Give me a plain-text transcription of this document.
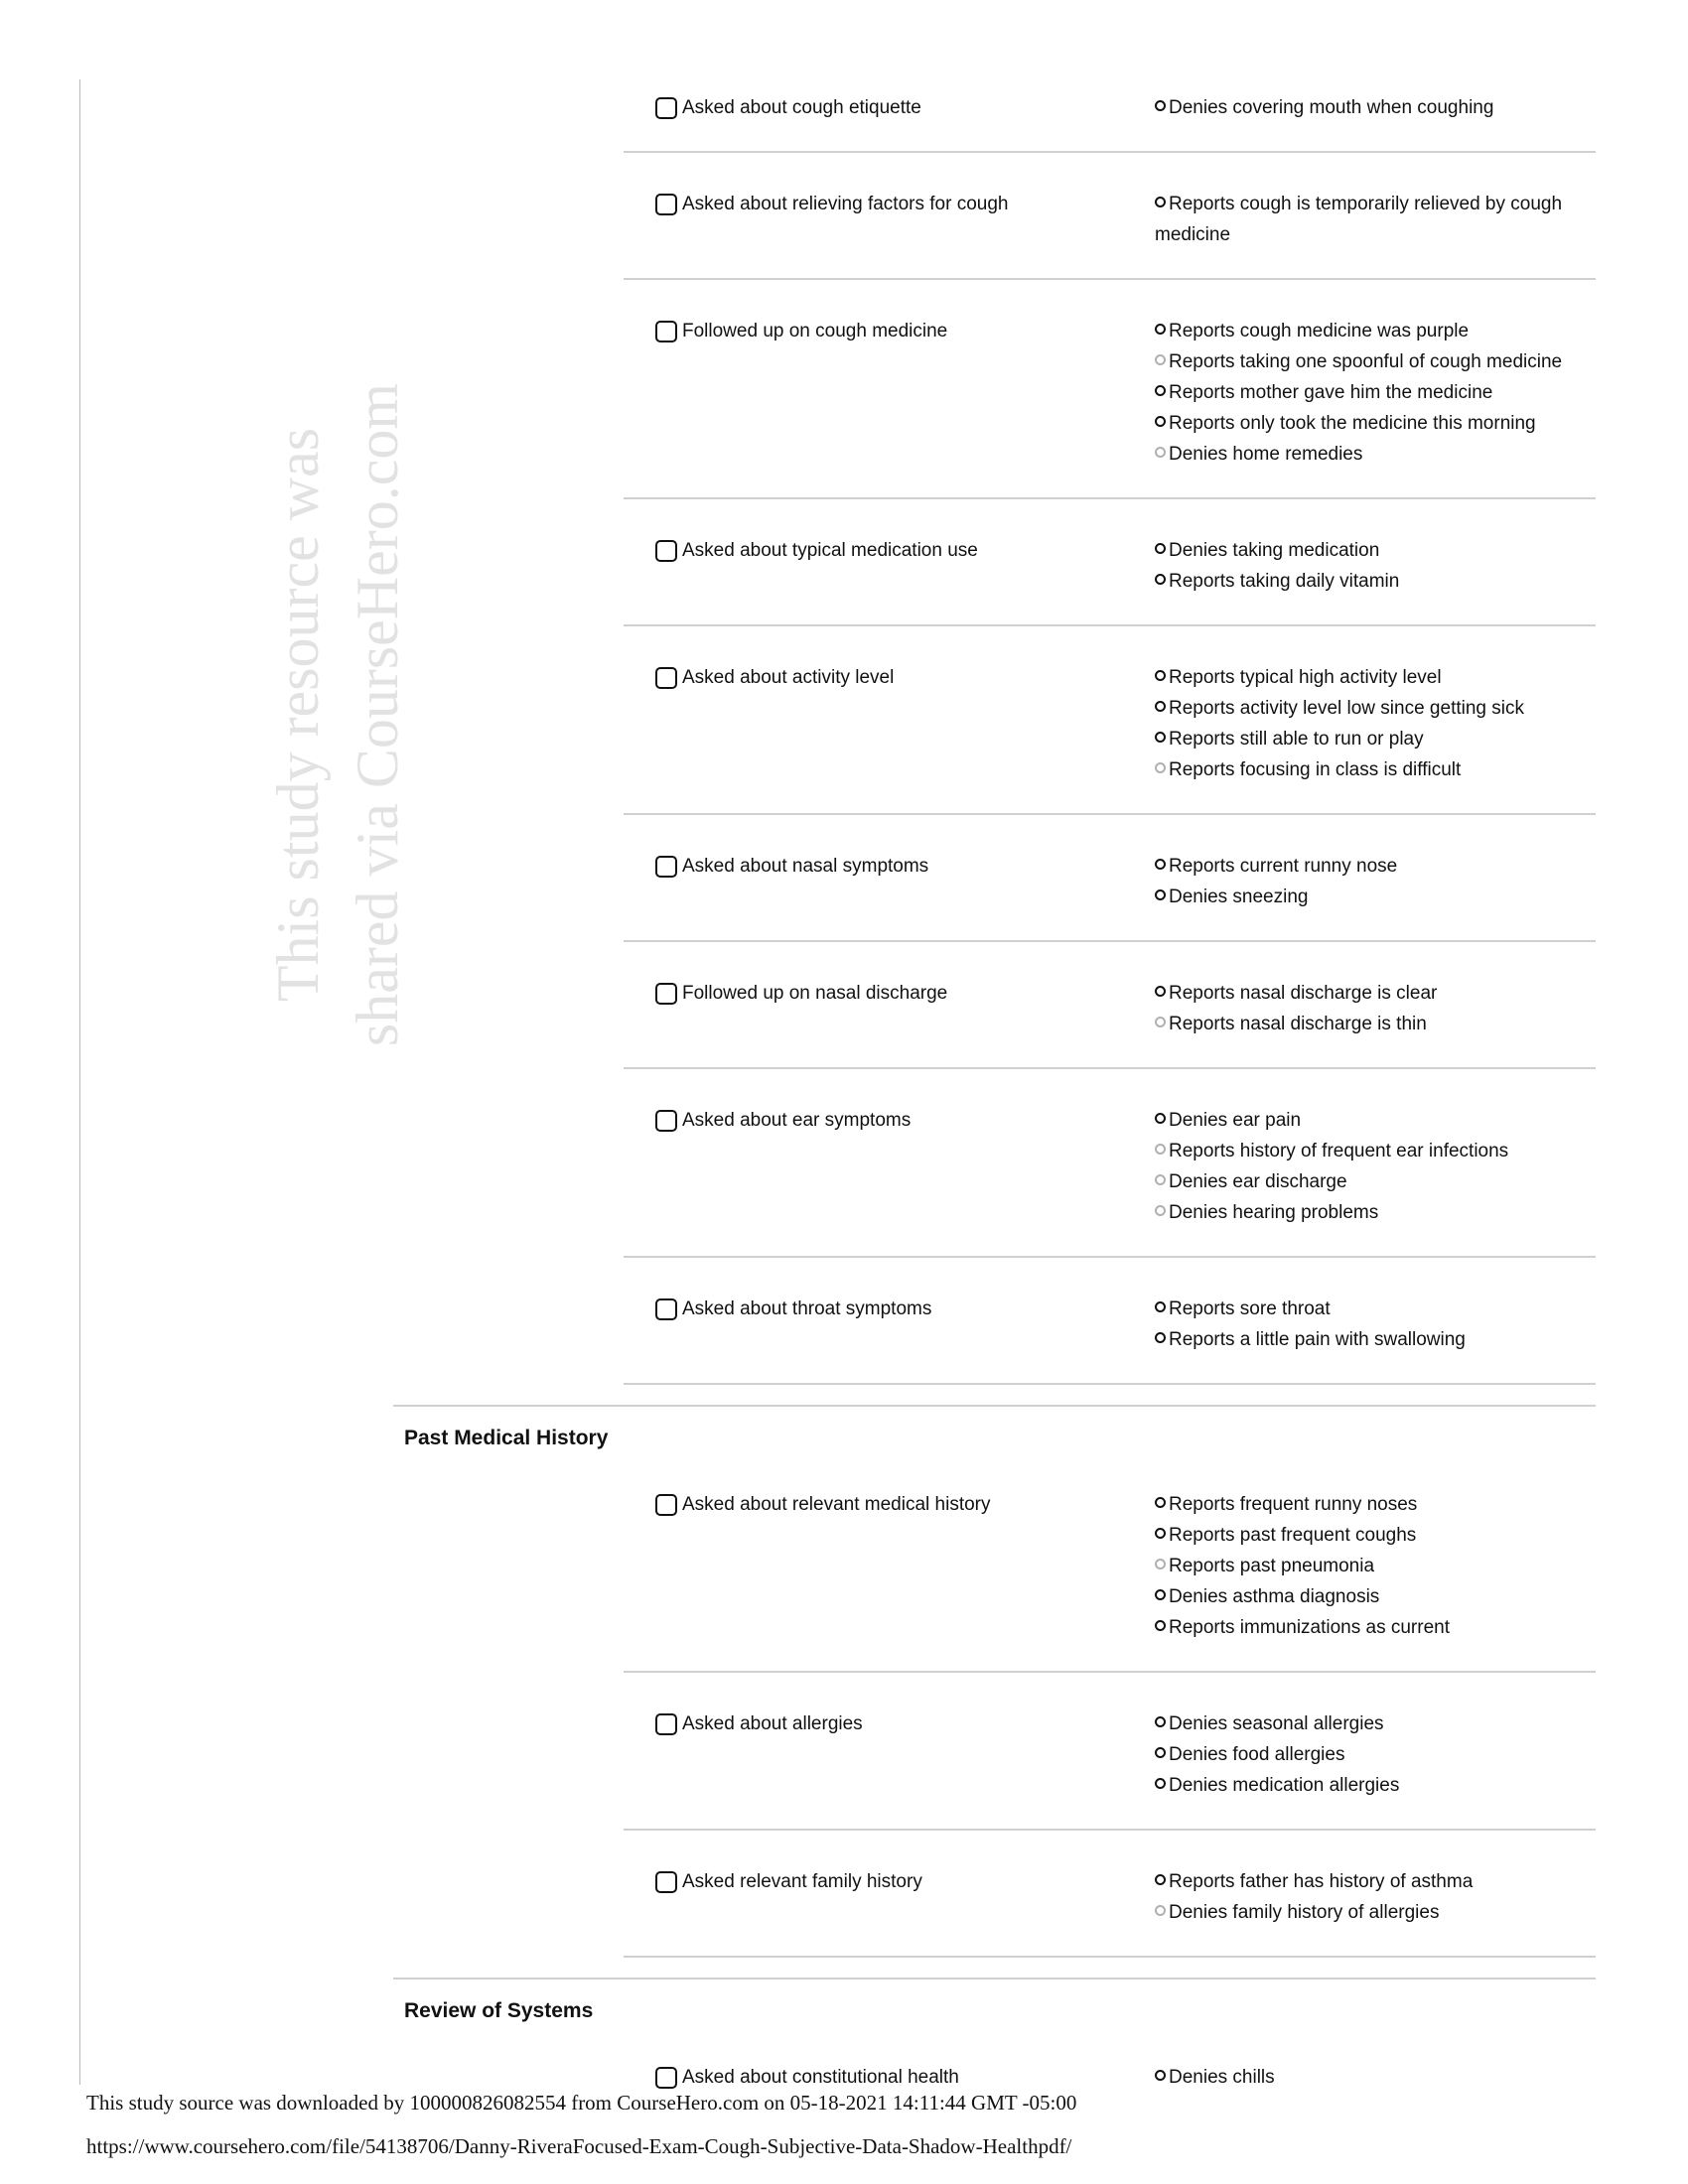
This study resource was shared via CourseHero.com
Asked about cough etiquette	Denies covering mouth when coughing
Asked about relieving factors for cough	Reports cough is temporarily relieved by cough medicine
Followed up on cough medicine	Reports cough medicine was purple
Reports taking one spoonful of cough medicine
Reports mother gave him the medicine
Reports only took the medicine this morning
Denies home remedies
Asked about typical medication use	Denies taking medication
Reports taking daily vitamin
Asked about activity level	Reports typical high activity level
Reports activity level low since getting sick
Reports still able to run or play
Reports focusing in class is difficult
Asked about nasal symptoms	Reports current runny nose
Denies sneezing
Followed up on nasal discharge	Reports nasal discharge is clear
Reports nasal discharge is thin
Asked about ear symptoms	Denies ear pain
Reports history of frequent ear infections
Denies ear discharge
Denies hearing problems
Asked about throat symptoms	Reports sore throat
Reports a little pain with swallowing
Past Medical History
Asked about relevant medical history	Reports frequent runny noses
Reports past frequent coughs
Reports past pneumonia
Denies asthma diagnosis
Reports immunizations as current
Asked about allergies	Denies seasonal allergies
Denies food allergies
Denies medication allergies
Asked relevant family history	Reports father has history of asthma
Denies family history of allergies
Review of Systems
Asked about constitutional health	Denies chills
This study source was downloaded by 100000826082554 from CourseHero.com on 05-18-2021 14:11:44 GMT -05:00
https://www.coursehero.com/file/54138706/Danny-RiveraFocused-Exam-Cough-Subjective-Data-Shadow-Healthpdf/
